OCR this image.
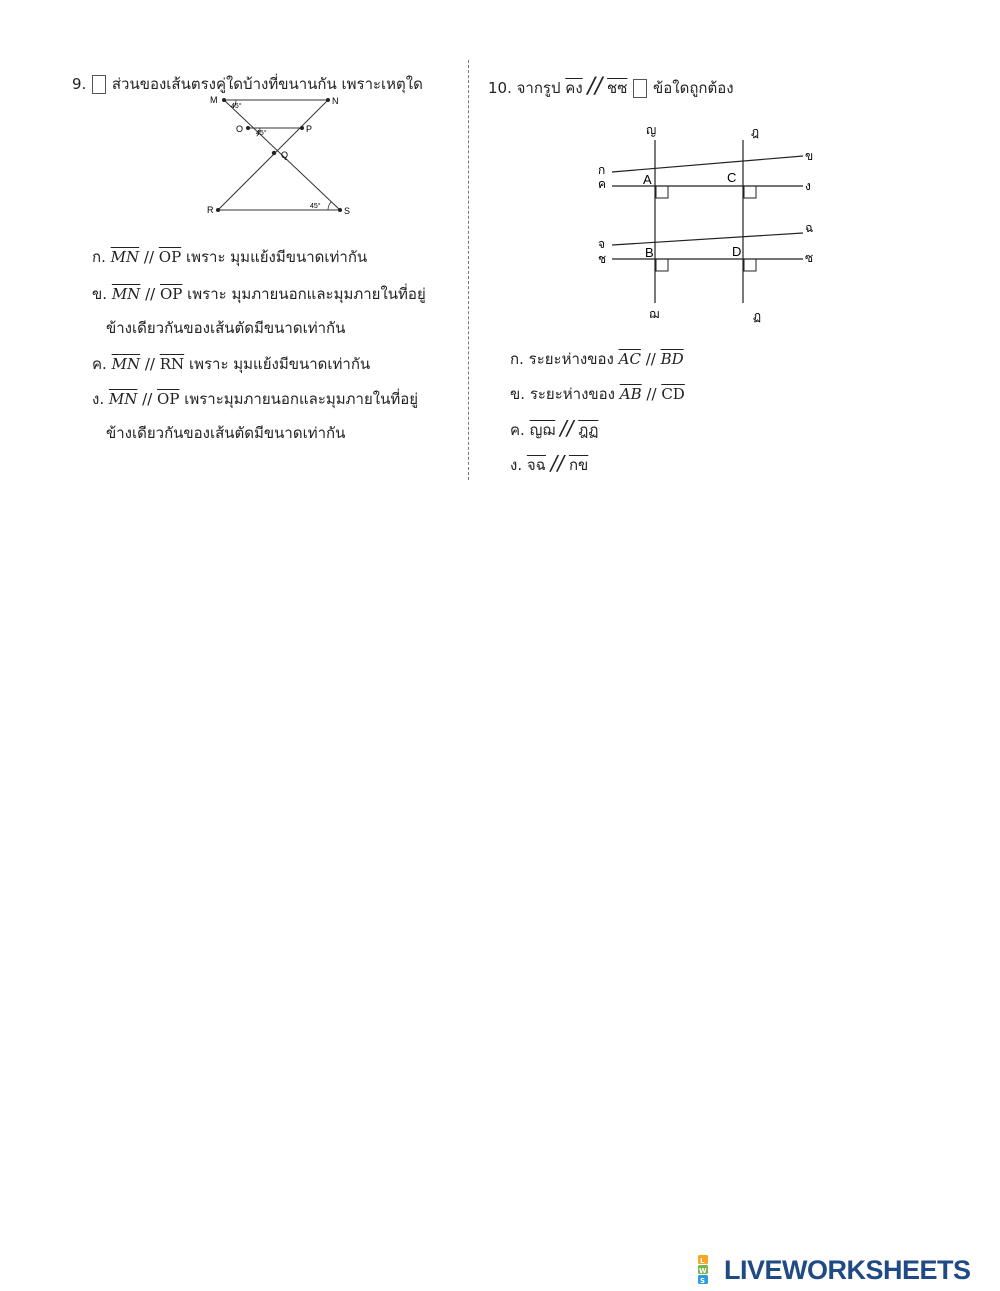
9. ส่วนของเส้นตรงคู่ใดบ้างที่ขนานกัน เพราะเหตุใด
M	N
O	P
Q
R	S
45°
45°
45°
ก. $\overline{MN} // \overline{OP}$ เพราะ มุมแย้งมีขนาดเท่ากัน
ข. $\overline{MN} // \overline{OP}$ เพราะ มุมภายนอกและมุมภายในที่อยู่
ข้างเดียวกันของเส้นตัดมีขนาดเท่ากัน
ค. $\overline{MN} // \overline{RN}$ เพราะ มุมแย้งมีขนาดเท่ากัน
ง. $\overline{MN} // \overline{OP}$ เพราะมุมภายนอกและมุมภายในที่อยู่
ข้างเดียวกันของเส้นตัดมีขนาดเท่ากัน
10. จากรูป คง // ชซ ข้อใดถูกต้อง
ญ	ฎ
ฌ	ฏ
ก
ค
จ
ช
ข
ง
ฉ
ซ
A	C
B	D
ก. ระยะห่างของ $\overline{AC} // \overline{BD}$
ข. ระยะห่างของ $\overline{AB} // \overline{CD}$
ค. ญฌ // ฎฏ
ง. จฉ // กข
L
W
S LIVEWORKSHEETS
